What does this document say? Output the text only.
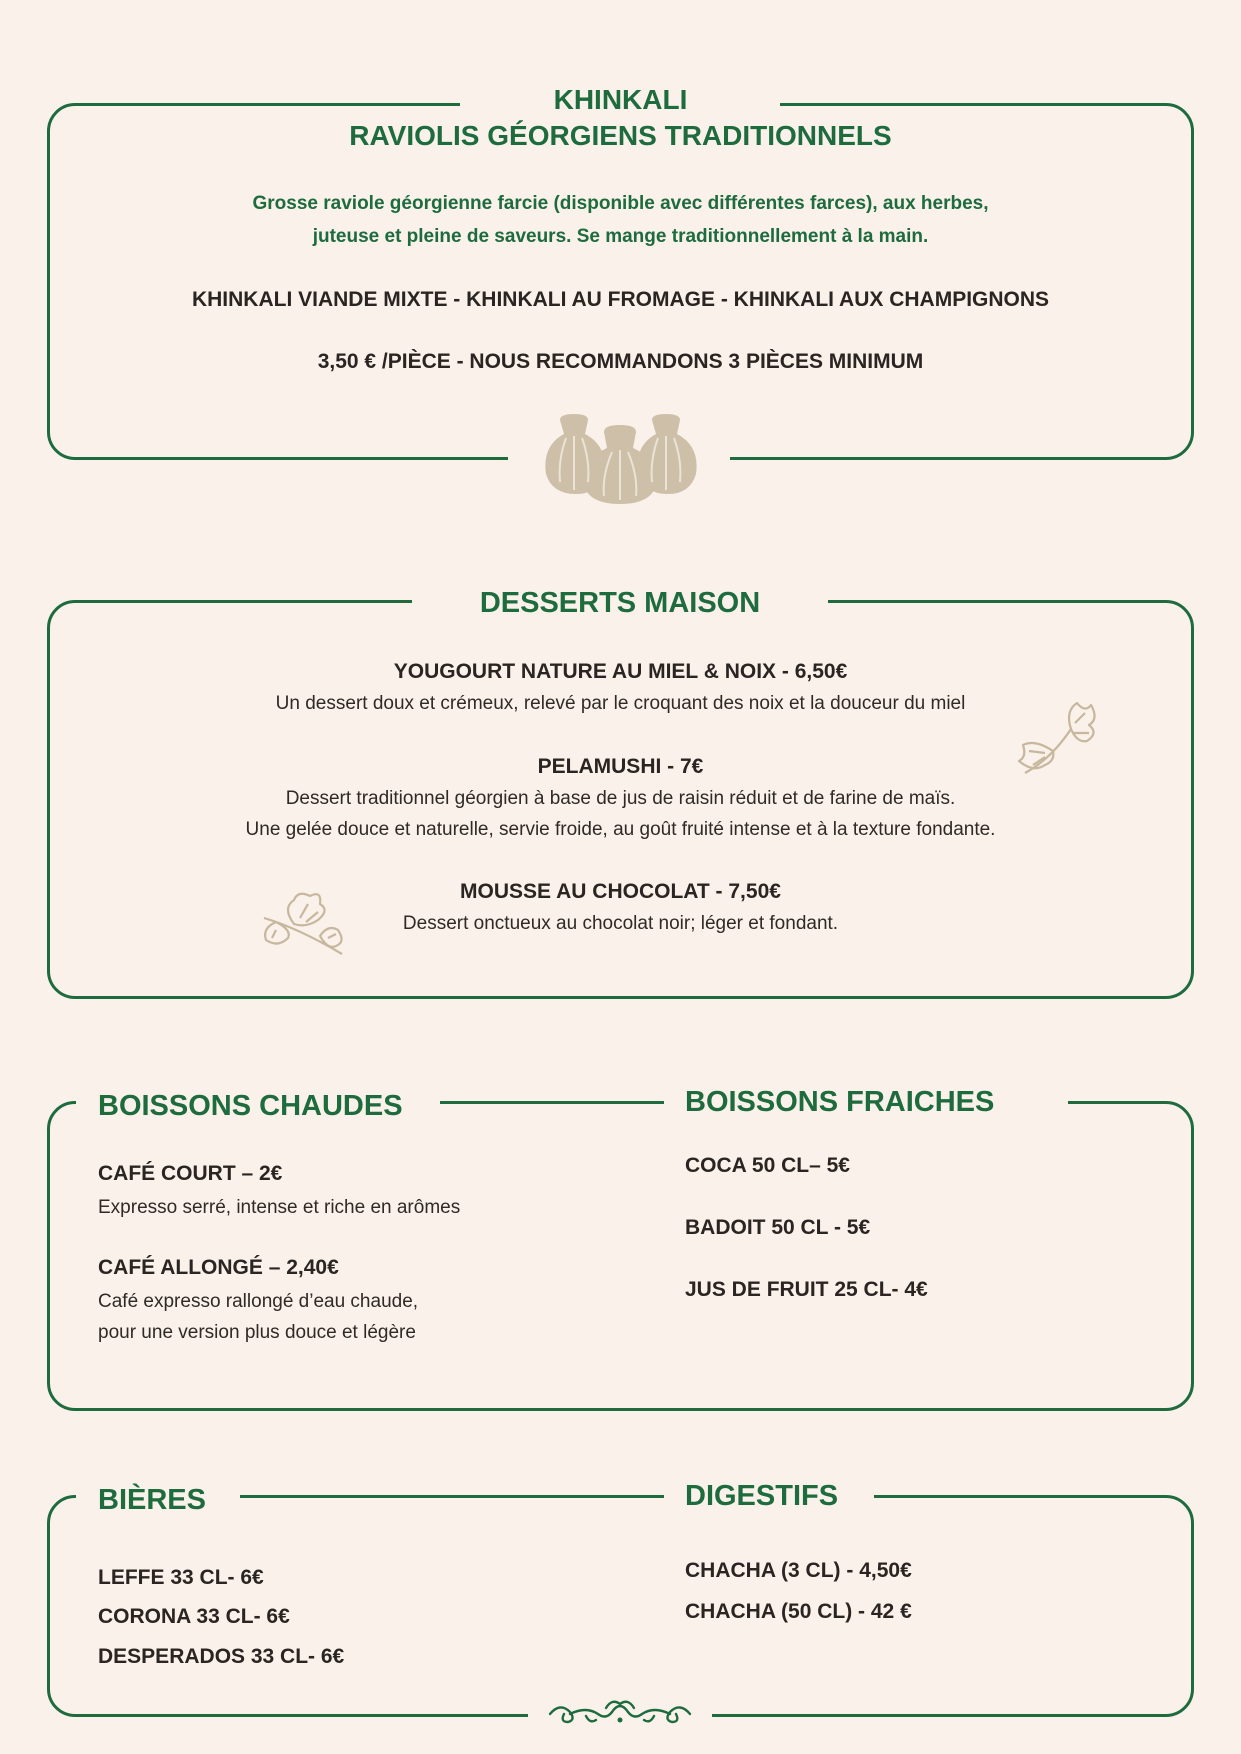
KHINKALI
RAVIOLIS GÉORGIENS TRADITIONNELS
Grosse raviole géorgienne farcie (disponible avec différentes farces), aux herbes,
juteuse et pleine de saveurs. Se mange traditionnellement à la main.
KHINKALI VIANDE MIXTE - KHINKALI AU FROMAGE - KHINKALI AUX CHAMPIGNONS
3,50 € /PIÈCE - NOUS RECOMMANDONS 3 PIÈCES MINIMUM
DESSERTS MAISON
YOUGOURT NATURE AU MIEL & NOIX - 6,50€
Un dessert doux et crémeux, relevé par le croquant des noix et la douceur du miel
PELAMUSHI - 7€
Dessert traditionnel géorgien à base de jus de raisin réduit et de farine de maïs.
Une gelée douce et naturelle, servie froide, au goût fruité intense et à la texture fondante.
MOUSSE AU CHOCOLAT - 7,50€
Dessert onctueux au chocolat noir; léger et fondant.
BOISSONS CHAUDES	BOISSONS FRAICHES
CAFÉ COURT – 2€
Expresso serré, intense et riche en arômes
CAFÉ ALLONGÉ – 2,40€
Café expresso rallongé d’eau chaude,
pour une version plus douce et légère
COCA 50 CL– 5€
BADOIT 50 CL - 5€
JUS DE FRUIT 25 CL- 4€
BIÈRES	DIGESTIFS
LEFFE 33 CL- 6€
CORONA 33 CL- 6€
DESPERADOS 33 CL- 6€
CHACHA (3 CL) - 4,50€
CHACHA (50 CL) - 42 €
